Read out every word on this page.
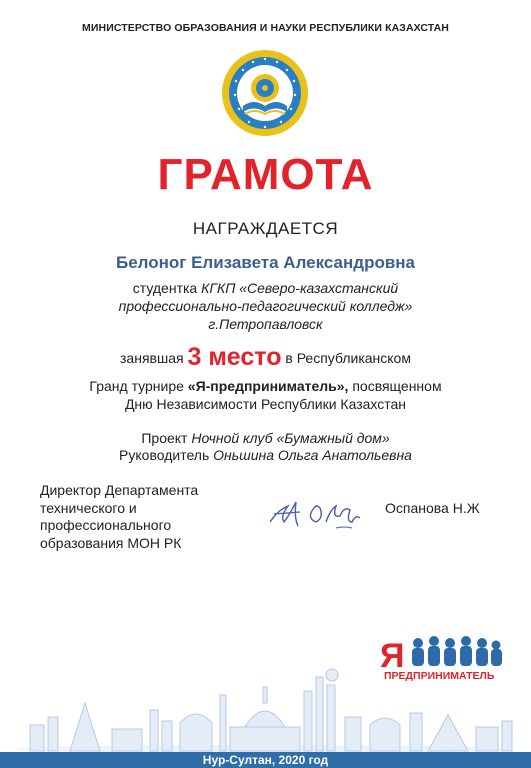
МИНИСТЕРСТВО ОБРАЗОВАНИЯ И НАУКИ РЕСПУБЛИКИ КАЗАХСТАН
ГРАМОТА
НАГРАЖДАЕТСЯ
Белоног Елизавета Александровна
студентка КГКП «Северо-казахстанский
профессионально-педагогический колледж»
г.Петропавловск
занявшая 3 место в Республиканском
Гранд турнире «Я-предприниматель», посвященном
Дню Независимости Республики Казахстан
Проект Ночной клуб «Бумажный дом»
Руководитель Оньшина Ольга Анатольевна
Директор Департамента
технического и
профессионального
образования МОН РК
Оспанова Н.Ж
Я
ПРЕДПРИНИМАТЕЛЬ
Нур-Султан, 2020 год
